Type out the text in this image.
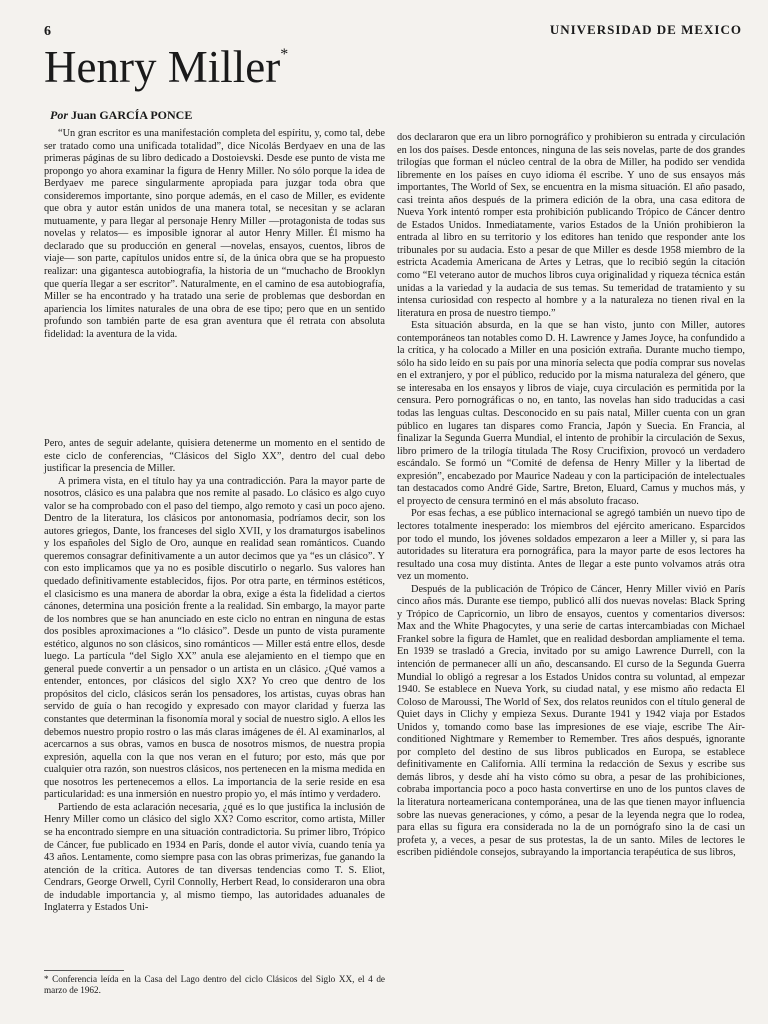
6	UNIVERSIDAD DE MEXICO
Henry Miller*
Por Juan GARCÍA PONCE

“Un gran escritor es una manifestación completa del espíritu, y, como tal, debe ser tratado como una unificada totalidad”, dice Nicolás Berdyaev en una de las primeras páginas de su libro dedicado a Dostoievski. Desde ese punto de vista me propongo yo ahora examinar la figura de Henry Miller. No sólo porque la idea de Berdyaev me parece singularmente apropiada para juzgar toda obra que consideremos importante, sino porque además, en el caso de Miller, es evidente que obra y autor están unidos de una manera total, se necesitan y se aclaran mutuamente, y para llegar al personaje Henry Miller —protagonista de todas sus novelas y relatos— es imposible ignorar al autor Henry Miller. Él mismo ha declarado que su producción en general —novelas, ensayos, cuentos, libros de viaje— son parte, capítulos unidos entre sí, de la única obra que se ha propuesto realizar: una gigantesca autobiografía, la historia de un “muchacho de Brooklyn que quería llegar a ser escritor”. Naturalmente, en el camino de esa autobiografía, Miller se ha encontrado y ha tratado una serie de problemas que desbordan en apariencia los límites naturales de una obra de ese tipo; pero que en un sentido profundo son también parte de esa gran aventura que él retrata con absoluta fidelidad: la aventura de la vida.

Pero, antes de seguir adelante, quisiera detenerme un momento en el sentido de este ciclo de conferencias, “Clásicos del Siglo XX”, dentro del cual debo justificar la presencia de Miller.

A primera vista, en el título hay ya una contradicción. Para la mayor parte de nosotros, clásico es una palabra que nos remite al pasado. Lo clásico es algo cuyo valor se ha comprobado con el paso del tiempo, algo remoto y casi un poco ajeno. Dentro de la literatura, los clásicos por antonomasia, podríamos decir, son los autores griegos, Dante, los franceses del siglo XVII, y los dramaturgos isabelinos y los españoles del Siglo de Oro, aunque en realidad sean románticos. Cuando queremos consagrar definitivamente a un autor decimos que ya “es un clásico”. Y con esto implicamos que ya no es posible discutirlo o negarlo. Sus valores han quedado definitivamente establecidos, fijos. Por otra parte, en términos estéticos, el clasicismo es una manera de abordar la obra, exige a ésta la fidelidad a ciertos cánones, determina una posición frente a la realidad. Sin embargo, la mayor parte de los nombres que se han anunciado en este ciclo no entran en ninguna de estas dos posibles aproximaciones a “lo clásico”. Desde un punto de vista puramente estético, algunos no son clásicos, sino románticos — Miller está entre ellos, desde luego. La partícula “del Siglo XX” anula ese alejamiento en el tiempo que en general puede convertir a un pensador o un artista en un clásico. ¿Qué vamos a entender, entonces, por clásicos del siglo XX? Yo creo que dentro de los propósitos del ciclo, clásicos serán los pensadores, los artistas, cuyas obras han servido de guía o han recogido y expresado con mayor claridad y fuerza las constantes que determinan la fisonomía moral y social de nuestro siglo. A ellos les debemos nuestro propio rostro o las más claras imágenes de él. Al examinarlos, al acercarnos a sus obras, vamos en busca de nosotros mismos, de nuestra propia expresión, aquella con la que nos veran en el futuro; por esto, más que por cualquier otra razón, son nuestros clásicos, nos pertenecen en la misma medida en que nosotros les pertenecemos a ellos. La importancia de la serie reside en esa particularidad: es una inmersión en nuestro propio yo, el más íntimo y verdadero.

Partiendo de esta aclaración necesaria, ¿qué es lo que justifica la inclusión de Henry Miller como un clásico del siglo XX? Como escritor, como artista, Miller se ha encontrado siempre en una situación contradictoria. Su primer libro, Trópico de Cáncer, fue publicado en 1934 en París, donde el autor vivía, cuando tenía ya 43 años. Lentamente, como siempre pasa con las obras primerizas, fue ganando la atención de la crítica. Autores de tan diversas tendencias como T. S. Eliot, Cendrars, George Orwell, Cyril Connolly, Herbert Read, lo consideraron una obra de indudable importancia y, al mismo tiempo, las autoridades aduanales de Inglaterra y Estados Uni-

dos declararon que era un libro pornográfico y prohibieron su entrada y circulación en los dos países. Desde entonces, ninguna de las seis novelas, parte de dos grandes trilogías que forman el núcleo central de la obra de Miller, ha podido ser vendida libremente en los países en cuyo idioma él escribe. Y uno de sus ensayos más importantes, The World of Sex, se encuentra en la misma situación. El año pasado, casi treinta años después de la primera edición de la obra, una casa editora de Nueva York intentó romper esta prohibición publicando Trópico de Cáncer dentro de Estados Unidos. Inmediatamente, varios Estados de la Unión prohibieron la entrada al libro en su territorio y los editores han tenido que responder ante los tribunales por su audacia. Esto a pesar de que Miller es desde 1958 miembro de la estricta Academia Americana de Artes y Letras, que lo recibió según la citación como “El veterano autor de muchos libros cuya originalidad y riqueza técnica están unidas a la variedad y la audacia de sus temas. Su temeridad de tratamiento y su intensa curiosidad con respecto al hombre y a la naturaleza no tienen rival en la literatura en prosa de nuestro tiempo.”

Esta situación absurda, en la que se han visto, junto con Miller, autores contemporáneos tan notables como D. H. Lawrence y James Joyce, ha confundido a la crítica, y ha colocado a Miller en una posición extraña. Durante mucho tiempo, sólo ha sido leído en su país por una minoría selecta que podía comprar sus novelas en el extranjero, y por el público, reducido por la misma naturaleza del género, que se interesaba en los ensayos y libros de viaje, cuya circulación es permitida por la censura. Pero pornográficas o no, en tanto, las novelas han sido traducidas a casi todas las lenguas cultas. Desconocido en su país natal, Miller cuenta con un gran público en lugares tan dispares como Francia, Japón y Suecia. En Francia, al finalizar la Segunda Guerra Mundial, el intento de prohibir la circulación de Sexus, libro primero de la trilogía titulada The Rosy Crucifixion, provocó un verdadero escándalo. Se formó un “Comité de defensa de Henry Miller y la libertad de expresión”, encabezado por Maurice Nadeau y con la participación de intelectuales tan destacados como André Gide, Sartre, Breton, Eluard, Camus y muchos más, y el proyecto de censura terminó en el más absoluto fracaso.

Por esas fechas, a ese público internacional se agregó también un nuevo tipo de lectores totalmente inesperado: los miembros del ejército americano. Esparcidos por todo el mundo, los jóvenes soldados empezaron a leer a Miller y, si para las autoridades su literatura era pornográfica, para la mayor parte de esos lectores ha resultado una cosa muy distinta. Antes de llegar a este punto volvamos atrás otra vez un momento.

Después de la publicación de Trópico de Cáncer, Henry Miller vivió en París cinco años más. Durante ese tiempo, publicó allí dos nuevas novelas: Black Spring y Trópico de Capricornio, un libro de ensayos, cuentos y comentarios diversos: Max and the White Phagocytes, y una serie de cartas intercambiadas con Michael Frankel sobre la figura de Hamlet, que en realidad desbordan ampliamente el tema. En 1939 se trasladó a Grecia, invitado por su amigo Lawrence Durrell, con la intención de permanecer allí un año, descansando. El curso de la Segunda Guerra Mundial lo obligó a regresar a los Estados Unidos contra su voluntad, al empezar 1940. Se establece en Nueva York, su ciudad natal, y ese mismo año redacta El Coloso de Maroussi, The World of Sex, dos relatos reunidos con el título general de Quiet days in Clichy y empieza Sexus. Durante 1941 y 1942 viaja por Estados Unidos y, tomando como base las impresiones de ese viaje, escribe The Air-conditioned Nightmare y Remember to Remember. Tres años después, ignorante por completo del destino de sus libros publicados en Europa, se establece definitivamente en California. Allí termina la redacción de Sexus y escribe sus demás libros, y desde ahí ha visto cómo su obra, a pesar de las prohibiciones, cobraba importancia poco a poco hasta convertirse en uno de los puntos claves de la literatura norteamericana contemporánea, una de las que tienen mayor influencia sobre las nuevas generaciones, y cómo, a pesar de la leyenda negra que lo rodea, para ellas su figura era considerada no la de un pornógrafo sino la de casi un profeta y, a veces, a pesar de sus protestas, la de un santo. Miles de lectores le escriben pidiéndole consejos, subrayando la importancia terapéutica de sus libros,

* Conferencia leída en la Casa del Lago dentro del ciclo Clásicos del Siglo XX, el 4 de marzo de 1962.
